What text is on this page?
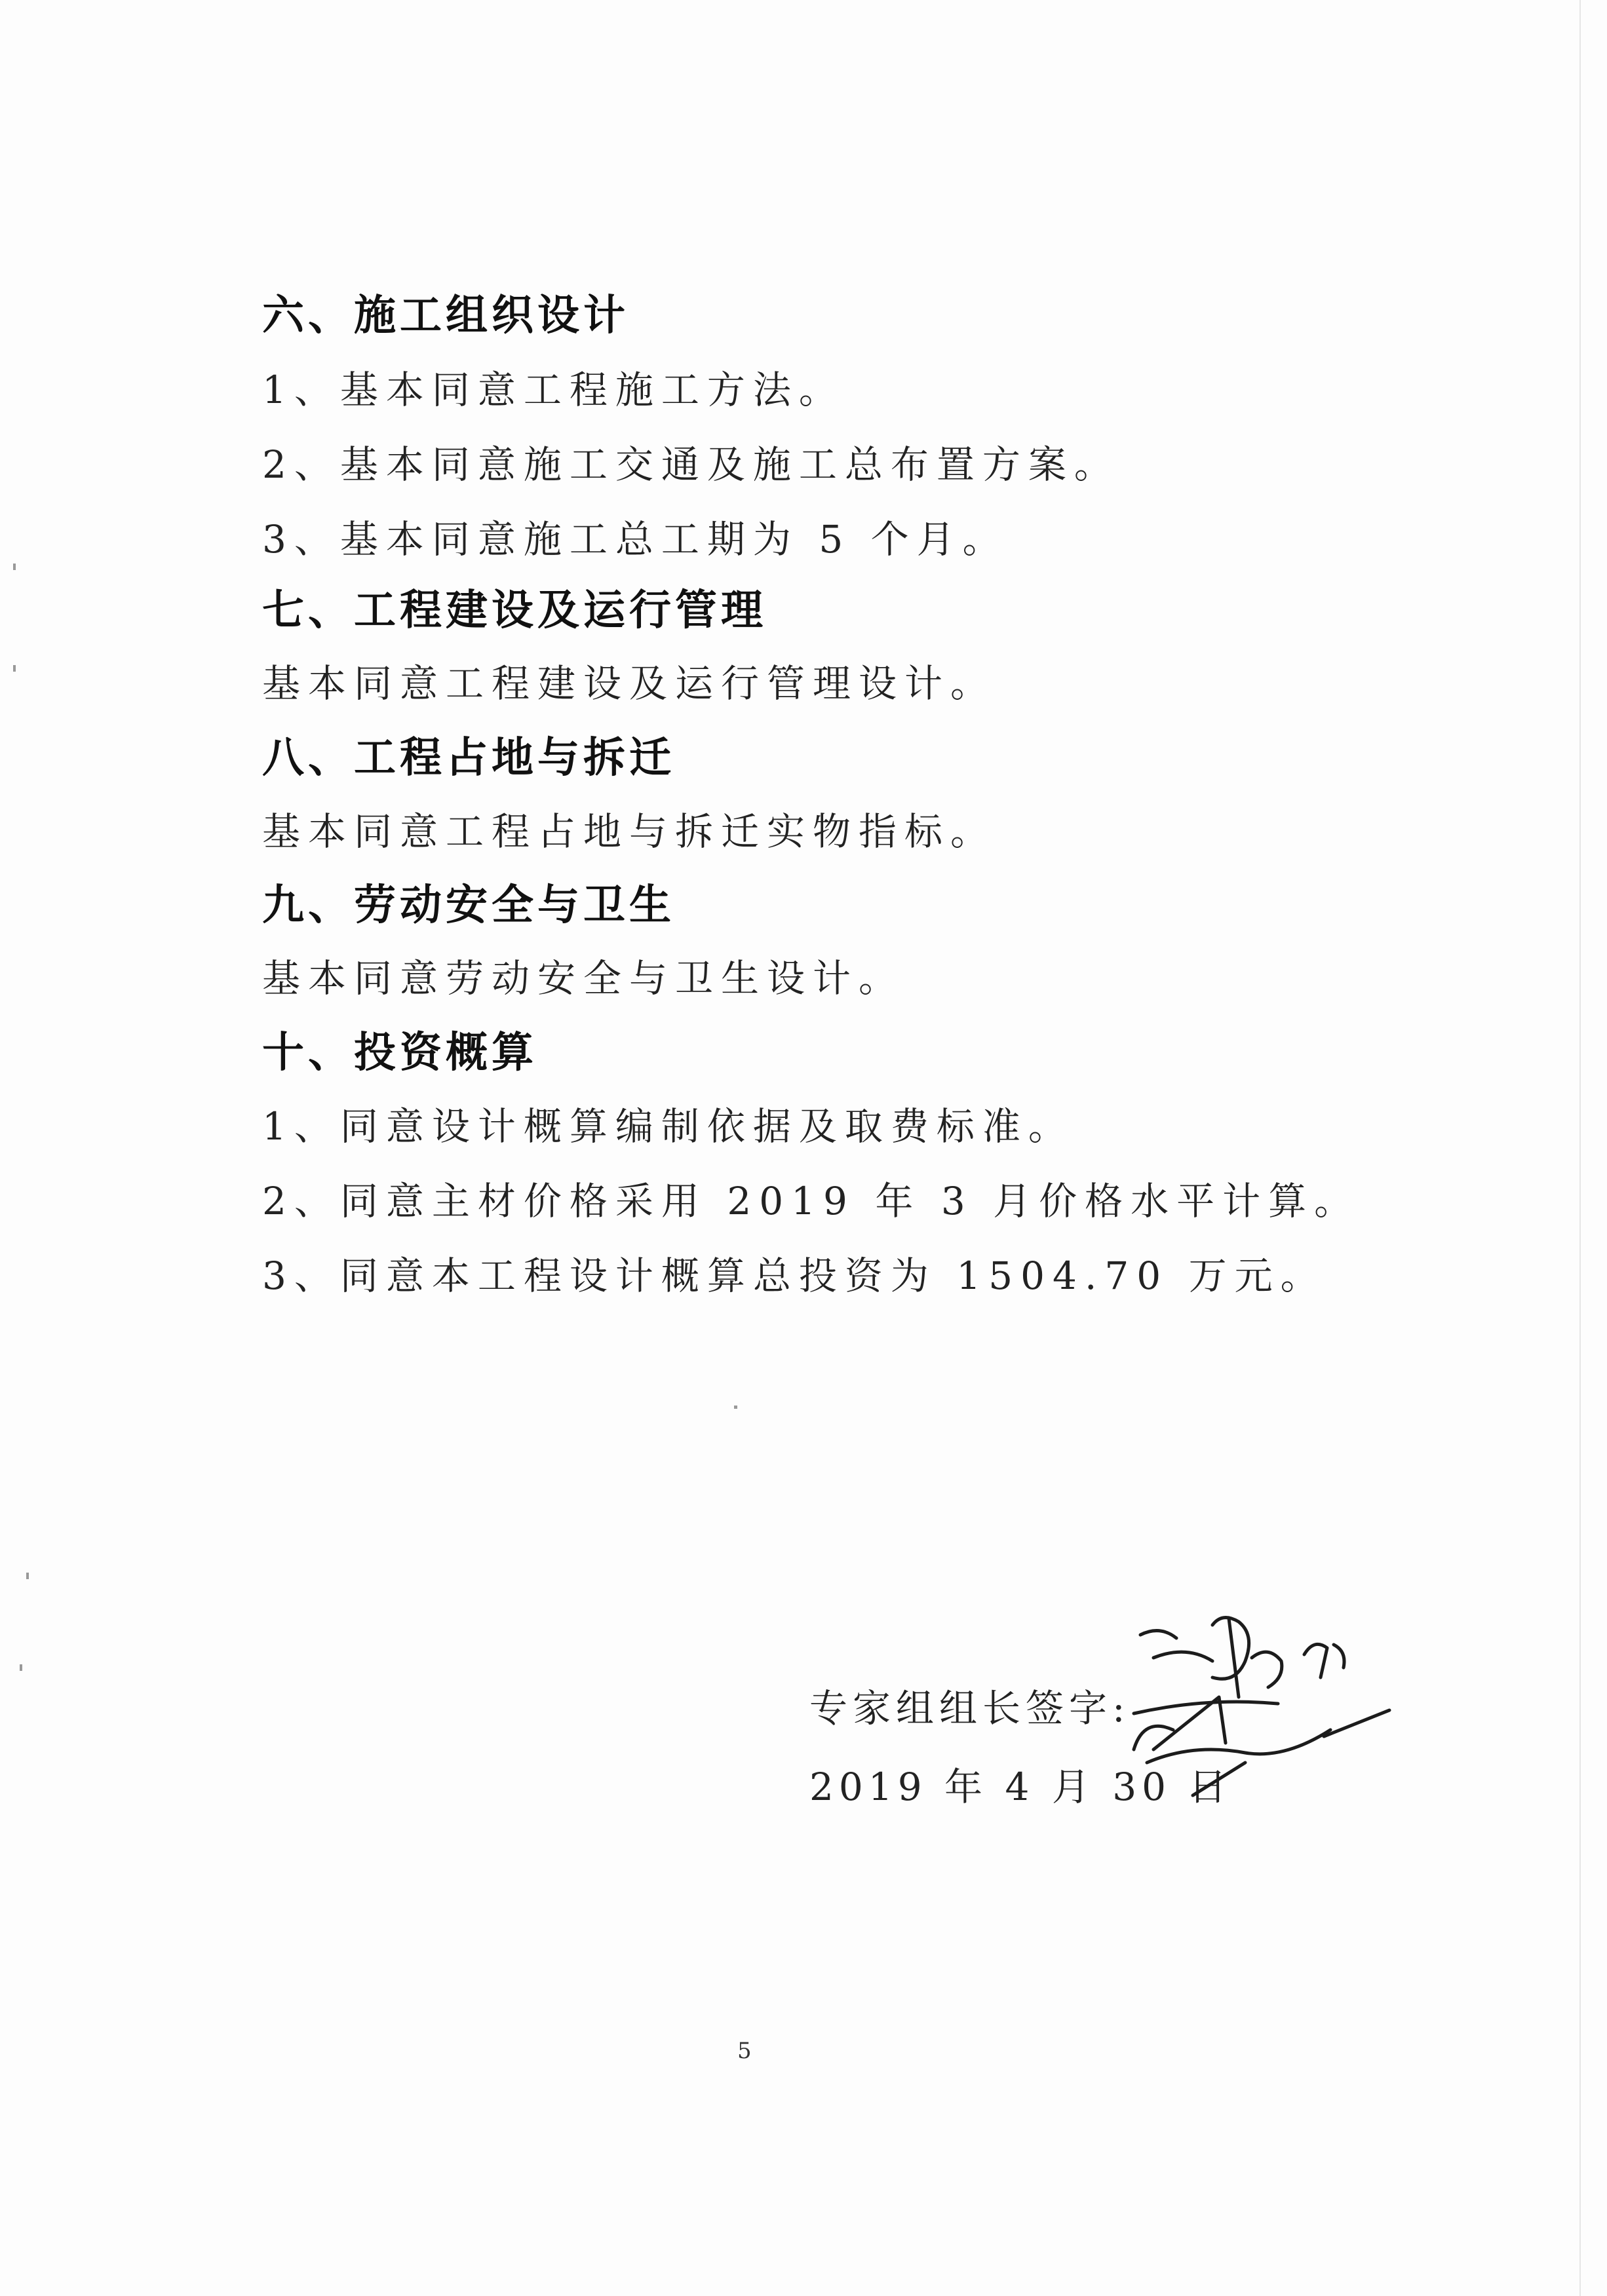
六、施工组织设计
1、基本同意工程施工方法。
2、基本同意施工交通及施工总布置方案。
3、基本同意施工总工期为 5 个月。
七、工程建设及运行管理
基本同意工程建设及运行管理设计。
八、工程占地与拆迁
基本同意工程占地与拆迁实物指标。
九、劳动安全与卫生
基本同意劳动安全与卫生设计。
十、投资概算
1、同意设计概算编制依据及取费标准。
2、同意主材价格采用 2019 年 3 月价格水平计算。
3、同意本工程设计概算总投资为 1504.70 万元。
专家组组长签字:
2019 年 4 月 30 日
5
